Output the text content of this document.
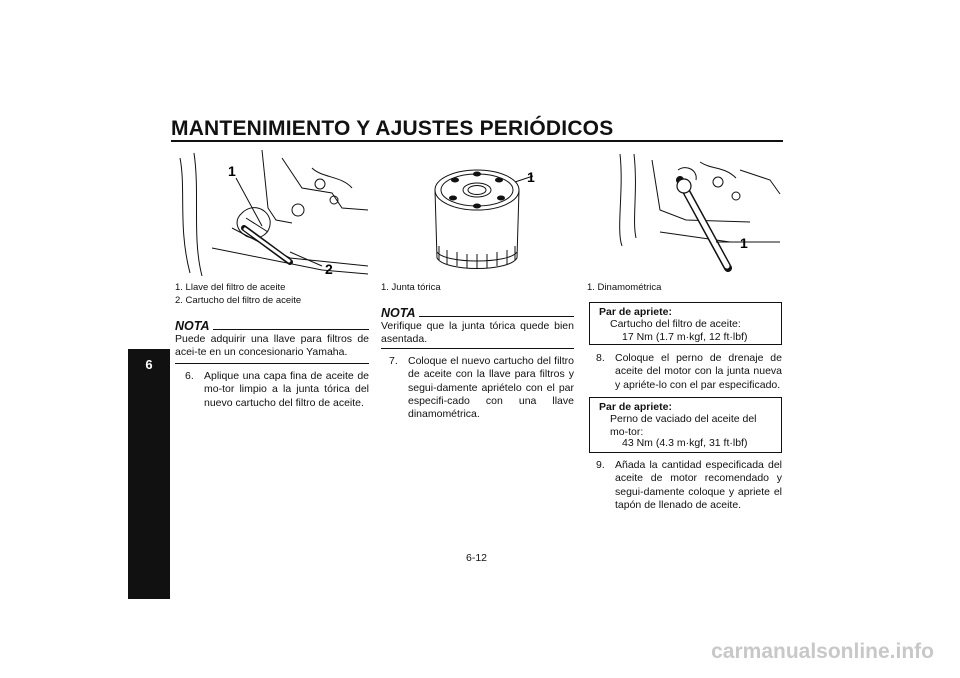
MANTENIMIENTO Y AJUSTES PERIÓDICOS
6
1
2
1. Llave del filtro de aceite
2. Cartucho del filtro de aceite
NOTA
Puede adquirir una llave para filtros de acei-te en un concesionario Yamaha.
6. Aplique una capa fina de aceite de mo-tor limpio a la junta tórica del nuevo cartucho del filtro de aceite.
1
1. Junta tórica
NOTA
Verifique que la junta tórica quede bien asentada.
7. Coloque el nuevo cartucho del filtro de aceite con la llave para filtros y segui-damente apriételo con el par especifi-cado con una llave dinamométrica.
1
1. Dinamométrica
Par de apriete:
Cartucho del filtro de aceite:
17 Nm (1.7 m·kgf, 12 ft·lbf)
8. Coloque el perno de drenaje de aceite del motor con la junta nueva y apriéte-lo con el par especificado.
Par de apriete:
Perno de vaciado del aceite del mo-tor:
43 Nm (4.3 m·kgf, 31 ft·lbf)
9. Añada la cantidad especificada del aceite de motor recomendado y segui-damente coloque y apriete el tapón de llenado de aceite.
6-12
carmanualsonline.info
